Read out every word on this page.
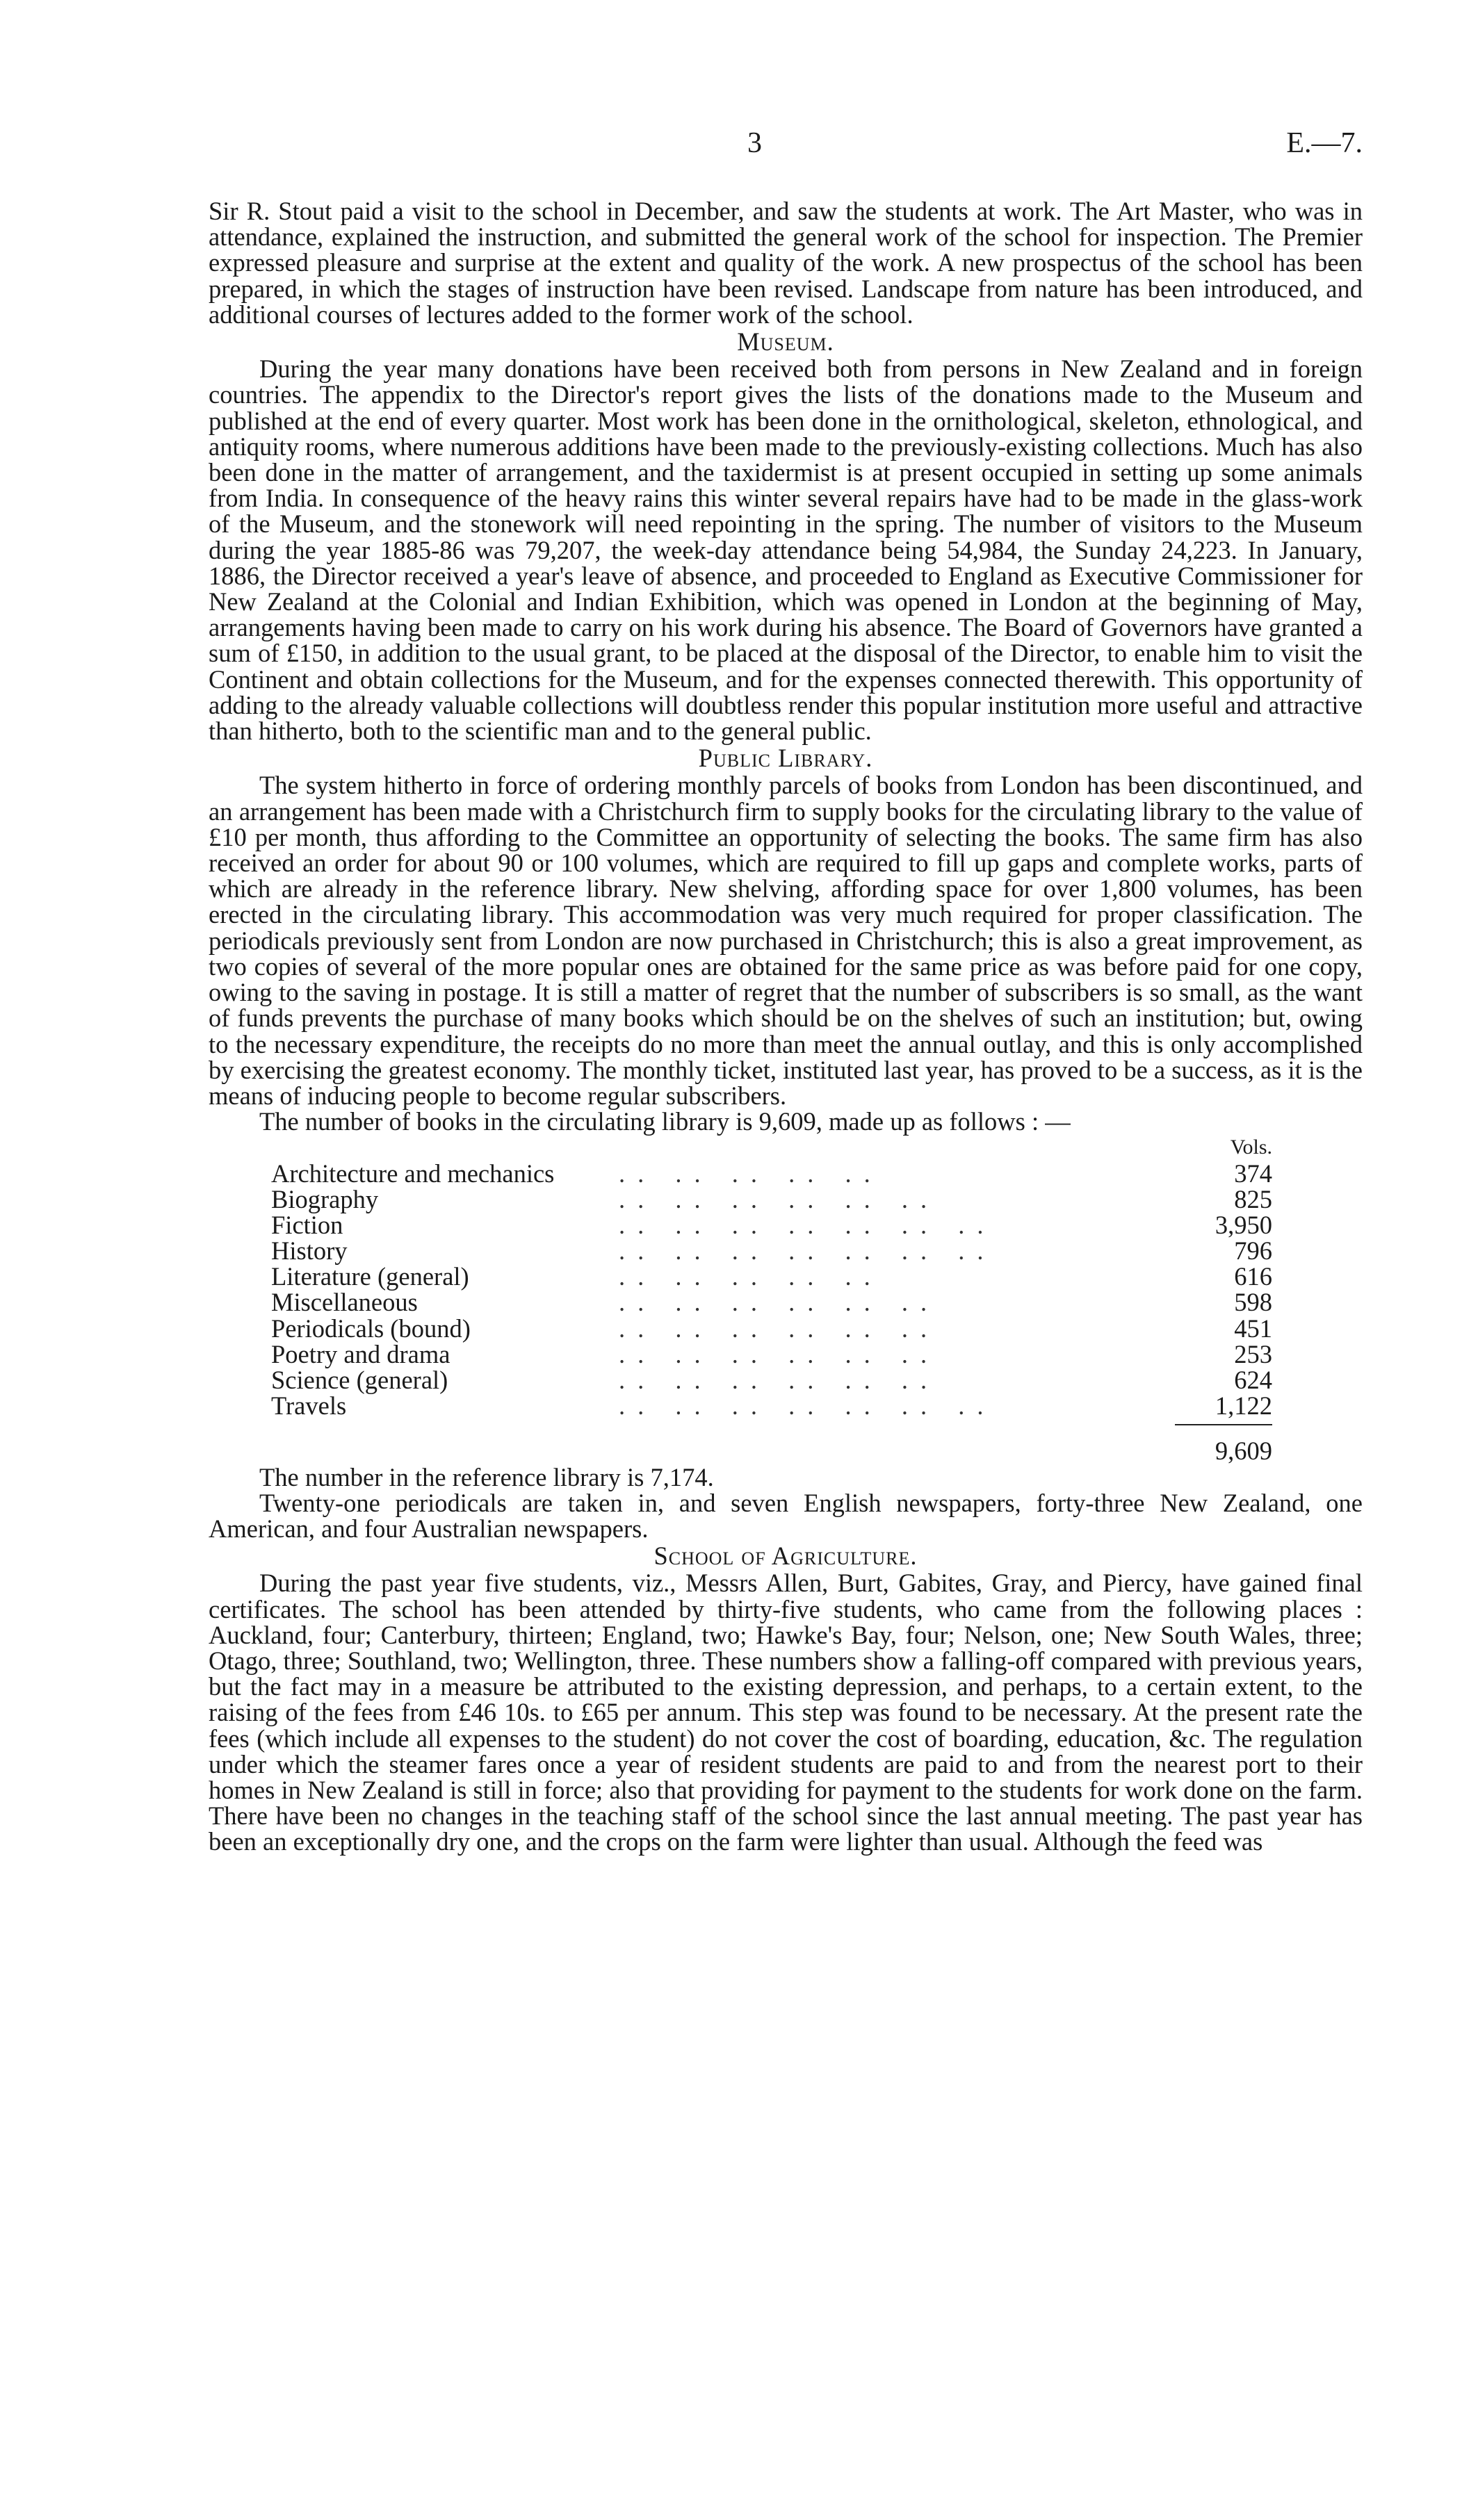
3	E.—7.

Sir R. Stout paid a visit to the school in December, and saw the students at work. The Art Master, who was in attendance, explained the instruction, and submitted the general work of the school for inspection. The Premier expressed pleasure and surprise at the extent and quality of the work. A new prospectus of the school has been prepared, in which the stages of instruction have been revised. Landscape from nature has been introduced, and additional courses of lectures added to the former work of the school.

Museum.

During the year many donations have been received both from persons in New Zealand and in foreign countries. The appendix to the Director's report gives the lists of the donations made to the Museum and published at the end of every quarter. Most work has been done in the ornithological, skeleton, ethnological, and antiquity rooms, where numerous additions have been made to the previously-existing collections. Much has also been done in the matter of arrangement, and the taxidermist is at present occupied in setting up some animals from India. In consequence of the heavy rains this winter several repairs have had to be made in the glass-work of the Museum, and the stonework will need repointing in the spring. The number of visitors to the Museum during the year 1885-86 was 79,207, the week-day attendance being 54,984, the Sunday 24,223. In January, 1886, the Director received a year's leave of absence, and proceeded to England as Executive Commissioner for New Zealand at the Colonial and Indian Exhibition, which was opened in London at the beginning of May, arrangements having been made to carry on his work during his absence. The Board of Governors have granted a sum of £150, in addition to the usual grant, to be placed at the disposal of the Director, to enable him to visit the Continent and obtain collections for the Museum, and for the expenses connected therewith. This opportunity of adding to the already valuable collections will doubtless render this popular institution more useful and attractive than hitherto, both to the scientific man and to the general public.

Public Library.

The system hitherto in force of ordering monthly parcels of books from London has been discontinued, and an arrangement has been made with a Christchurch firm to supply books for the circulating library to the value of £10 per month, thus affording to the Committee an opportunity of selecting the books. The same firm has also received an order for about 90 or 100 volumes, which are required to fill up gaps and complete works, parts of which are already in the reference library. New shelving, affording space for over 1,800 volumes, has been erected in the circulating library. This accommodation was very much required for proper classification. The periodicals previously sent from London are now purchased in Christchurch; this is also a great improvement, as two copies of several of the more popular ones are obtained for the same price as was before paid for one copy, owing to the saving in postage. It is still a matter of regret that the number of subscribers is so small, as the want of funds prevents the purchase of many books which should be on the shelves of such an institution; but, owing to the necessary expenditure, the receipts do no more than meet the annual outlay, and this is only accomplished by exercising the greatest economy. The monthly ticket, instituted last year, has proved to be a success, as it is the means of inducing people to become regular subscribers.

The number of books in the circulating library is 9,609, made up as follows : —

Vols.
Architecture and mechanics	.. .. .. .. ..	374
Biography	.. .. .. .. .. ..	825
Fiction	.. .. .. .. .. .. ..	3,950
History	.. .. .. .. .. .. ..	796
Literature (general)	.. .. .. .. ..	616
Miscellaneous	.. .. .. .. .. ..	598
Periodicals (bound)	.. .. .. .. .. ..	451
Poetry and drama	.. .. .. .. .. ..	253
Science (general)	.. .. .. .. .. ..	624
Travels	.. .. .. .. .. .. ..	1,122
9,609

The number in the reference library is 7,174.

Twenty-one periodicals are taken in, and seven English newspapers, forty-three New Zealand, one American, and four Australian newspapers.

School of Agriculture.

During the past year five students, viz., Messrs Allen, Burt, Gabites, Gray, and Piercy, have gained final certificates. The school has been attended by thirty-five students, who came from the following places : Auckland, four; Canterbury, thirteen; England, two; Hawke's Bay, four; Nelson, one; New South Wales, three; Otago, three; Southland, two; Wellington, three. These numbers show a falling-off compared with previous years, but the fact may in a measure be attributed to the existing depression, and perhaps, to a certain extent, to the raising of the fees from £46 10s. to £65 per annum. This step was found to be necessary. At the present rate the fees (which include all expenses to the student) do not cover the cost of boarding, education, &c. The regulation under which the steamer fares once a year of resident students are paid to and from the nearest port to their homes in New Zealand is still in force; also that providing for payment to the students for work done on the farm. There have been no changes in the teaching staff of the school since the last annual meeting. The past year has been an exceptionally dry one, and the crops on the farm were lighter than usual. Although the feed was
